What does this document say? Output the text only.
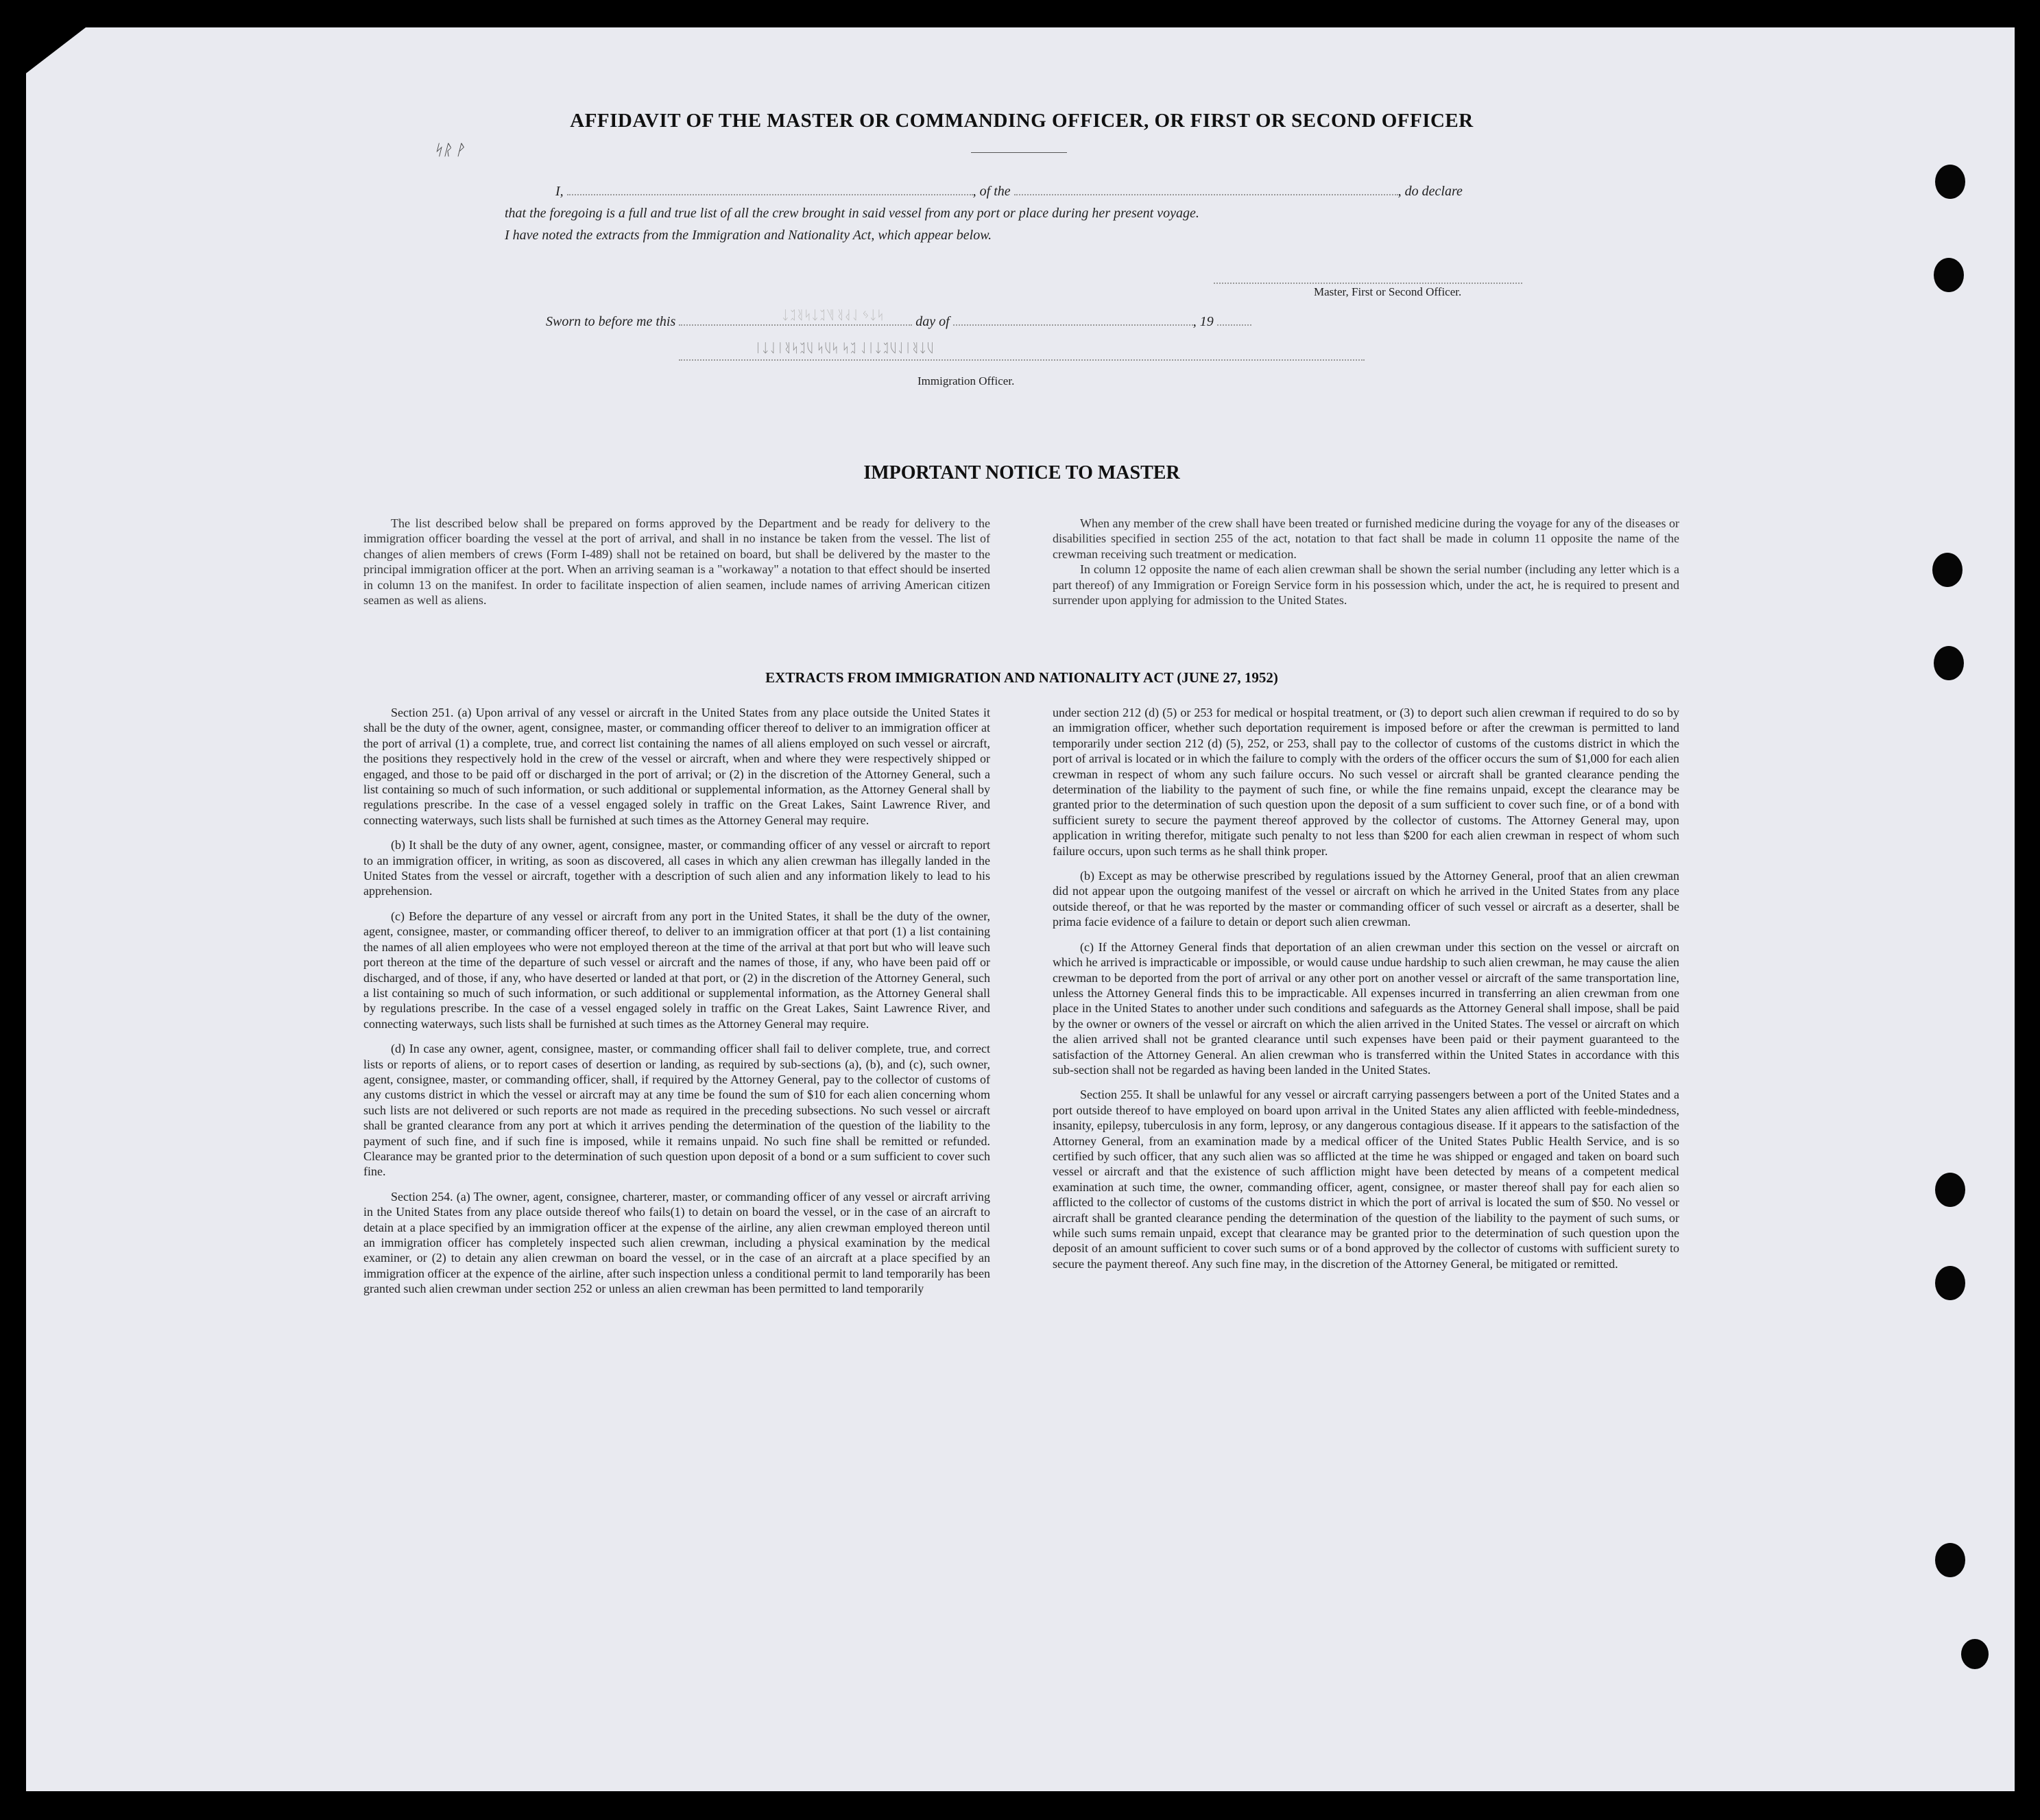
AFFIDAVIT OF THE MASTER OR COMMANDING OFFICER, OR FIRST OR SECOND OFFICER
ᛋᚱ ᚹ
I,	, of the	, do declare
that the foregoing is a full and true list of all the crew brought in said vessel from any port or place during her present voyage.
I have noted the extracts from the Immigration and Nationality Act, which appear below.
Master, First or Second Officer.
Sworn to before me this	day of	, 19
ᛋᛏᛃ ᛚᚹᚱ ᚣᛈᛏᛋᚱᛈᛏ
ᚢᛏᚱᛁᛚᚢᛈᛏᛁᛚ ᛈᛋ ᛋᚢᛋ ᚢᛈᛋᚱᛁᛚᛏᛁ
Immigration Officer.
IMPORTANT NOTICE TO MASTER

The list described below shall be prepared on forms approved by the Department and be ready for delivery to the immigration officer boarding the vessel at the port of arrival, and shall in no instance be taken from the vessel. The list of changes of alien members of crews (Form I-489) shall not be retained on board, but shall be delivered by the master to the principal immigration officer at the port. When an arriving seaman is a "workaway" a notation to that effect should be inserted in column 13 on the manifest. In order to facilitate inspection of alien seamen, include names of arriving American citizen seamen as well as aliens.

When any member of the crew shall have been treated or furnished medicine during the voyage for any of the diseases or disabilities specified in section 255 of the act, notation to that fact shall be made in column 11 opposite the name of the crewman receiving such treatment or medication.

In column 12 opposite the name of each alien crewman shall be shown the serial number (including any letter which is a part thereof) of any Immigration or Foreign Service form in his possession which, under the act, he is required to present and surrender upon applying for admission to the United States.

EXTRACTS FROM IMMIGRATION AND NATIONALITY ACT (JUNE 27, 1952)

Section 251. (a) Upon arrival of any vessel or aircraft in the United States from any place outside the United States it shall be the duty of the owner, agent, consignee, master, or commanding officer thereof to deliver to an immigration officer at the port of arrival (1) a complete, true, and correct list containing the names of all aliens employed on such vessel or aircraft, the positions they respectively hold in the crew of the vessel or aircraft, when and where they were respectively shipped or engaged, and those to be paid off or discharged in the port of arrival; or (2) in the discretion of the Attorney General, such a list containing so much of such information, or such additional or supplemental information, as the Attorney General shall by regulations prescribe. In the case of a vessel engaged solely in traffic on the Great Lakes, Saint Lawrence River, and connecting waterways, such lists shall be furnished at such times as the Attorney General may require.

(b) It shall be the duty of any owner, agent, consignee, master, or commanding officer of any vessel or aircraft to report to an immigration officer, in writing, as soon as discovered, all cases in which any alien crewman has illegally landed in the United States from the vessel or aircraft, together with a description of such alien and any information likely to lead to his apprehension.

(c) Before the departure of any vessel or aircraft from any port in the United States, it shall be the duty of the owner, agent, consignee, master, or commanding officer thereof, to deliver to an immigration officer at that port (1) a list containing the names of all alien employees who were not employed thereon at the time of the arrival at that port but who will leave such port thereon at the time of the departure of such vessel or aircraft and the names of those, if any, who have been paid off or discharged, and of those, if any, who have deserted or landed at that port, or (2) in the discretion of the Attorney General, such a list containing so much of such information, or such additional or supplemental information, as the Attorney General shall by regulations prescribe. In the case of a vessel engaged solely in traffic on the Great Lakes, Saint Lawrence River, and connecting waterways, such lists shall be furnished at such times as the Attorney General may require.

(d) In case any owner, agent, consignee, master, or commanding officer shall fail to deliver complete, true, and correct lists or reports of aliens, or to report cases of desertion or landing, as required by sub-sections (a), (b), and (c), such owner, agent, consignee, master, or commanding officer, shall, if required by the Attorney General, pay to the collector of customs of any customs district in which the vessel or aircraft may at any time be found the sum of $10 for each alien concerning whom such lists are not delivered or such reports are not made as required in the preceding subsections. No such vessel or aircraft shall be granted clearance from any port at which it arrives pending the determination of the question of the liability to the payment of such fine, and if such fine is imposed, while it remains unpaid. No such fine shall be remitted or refunded. Clearance may be granted prior to the determination of such question upon deposit of a bond or a sum sufficient to cover such fine.

Section 254. (a) The owner, agent, consignee, charterer, master, or commanding officer of any vessel or aircraft arriving in the United States from any place outside thereof who fails(1) to detain on board the vessel, or in the case of an aircraft to detain at a place specified by an immigration officer at the expense of the airline, any alien crewman employed thereon until an immigration officer has completely inspected such alien crewman, including a physical examination by the medical examiner, or (2) to detain any alien crewman on board the vessel, or in the case of an aircraft at a place specified by an immigration officer at the expence of the airline, after such inspection unless a conditional permit to land temporarily has been granted such alien crewman under section 252 or unless an alien crewman has been permitted to land temporarily

under section 212 (d) (5) or 253 for medical or hospital treatment, or (3) to deport such alien crewman if required to do so by an immigration officer, whether such deportation requirement is imposed before or after the crewman is permitted to land temporarily under section 212 (d) (5), 252, or 253, shall pay to the collector of customs of the customs district in which the port of arrival is located or in which the failure to comply with the orders of the officer occurs the sum of $1,000 for each alien crewman in respect of whom any such failure occurs. No such vessel or aircraft shall be granted clearance pending the determination of the liability to the payment of such fine, or while the fine remains unpaid, except the clearance may be granted prior to the determination of such question upon the deposit of a sum sufficient to cover such fine, or of a bond with sufficient surety to secure the payment thereof approved by the collector of customs. The Attorney General may, upon application in writing therefor, mitigate such penalty to not less than $200 for each alien crewman in respect of whom such failure occurs, upon such terms as he shall think proper.

(b) Except as may be otherwise prescribed by regulations issued by the Attorney General, proof that an alien crewman did not appear upon the outgoing manifest of the vessel or aircraft on which he arrived in the United States from any place outside thereof, or that he was reported by the master or commanding officer of such vessel or aircraft as a deserter, shall be prima facie evidence of a failure to detain or deport such alien crewman.

(c) If the Attorney General finds that deportation of an alien crewman under this section on the vessel or aircraft on which he arrived is impracticable or impossible, or would cause undue hardship to such alien crewman, he may cause the alien crewman to be deported from the port of arrival or any other port on another vessel or aircraft of the same transportation line, unless the Attorney General finds this to be impracticable. All expenses incurred in transferring an alien crewman from one place in the United States to another under such conditions and safeguards as the Attorney General shall impose, shall be paid by the owner or owners of the vessel or aircraft on which the alien arrived in the United States. The vessel or aircraft on which the alien arrived shall not be granted clearance until such expenses have been paid or their payment guaranteed to the satisfaction of the Attorney General. An alien crewman who is transferred within the United States in accordance with this sub-section shall not be regarded as having been landed in the United States.

Section 255. It shall be unlawful for any vessel or aircraft carrying passengers between a port of the United States and a port outside thereof to have employed on board upon arrival in the United States any alien afflicted with feeble-mindedness, insanity, epilepsy, tuberculosis in any form, leprosy, or any dangerous contagious disease. If it appears to the satisfaction of the Attorney General, from an examination made by a medical officer of the United States Public Health Service, and is so certified by such officer, that any such alien was so afflicted at the time he was shipped or engaged and taken on board such vessel or aircraft and that the existence of such affliction might have been detected by means of a competent medical examination at such time, the owner, commanding officer, agent, consignee, or master thereof shall pay for each alien so afflicted to the collector of customs of the customs district in which the port of arrival is located the sum of $50. No vessel or aircraft shall be granted clearance pending the determination of the question of the liability to the payment of such sums, or while such sums remain unpaid, except that clearance may be granted prior to the determination of such question upon the deposit of an amount sufficient to cover such sums or of a bond approved by the collector of customs with sufficient surety to secure the payment thereof. Any such fine may, in the discretion of the Attorney General, be mitigated or remitted.
